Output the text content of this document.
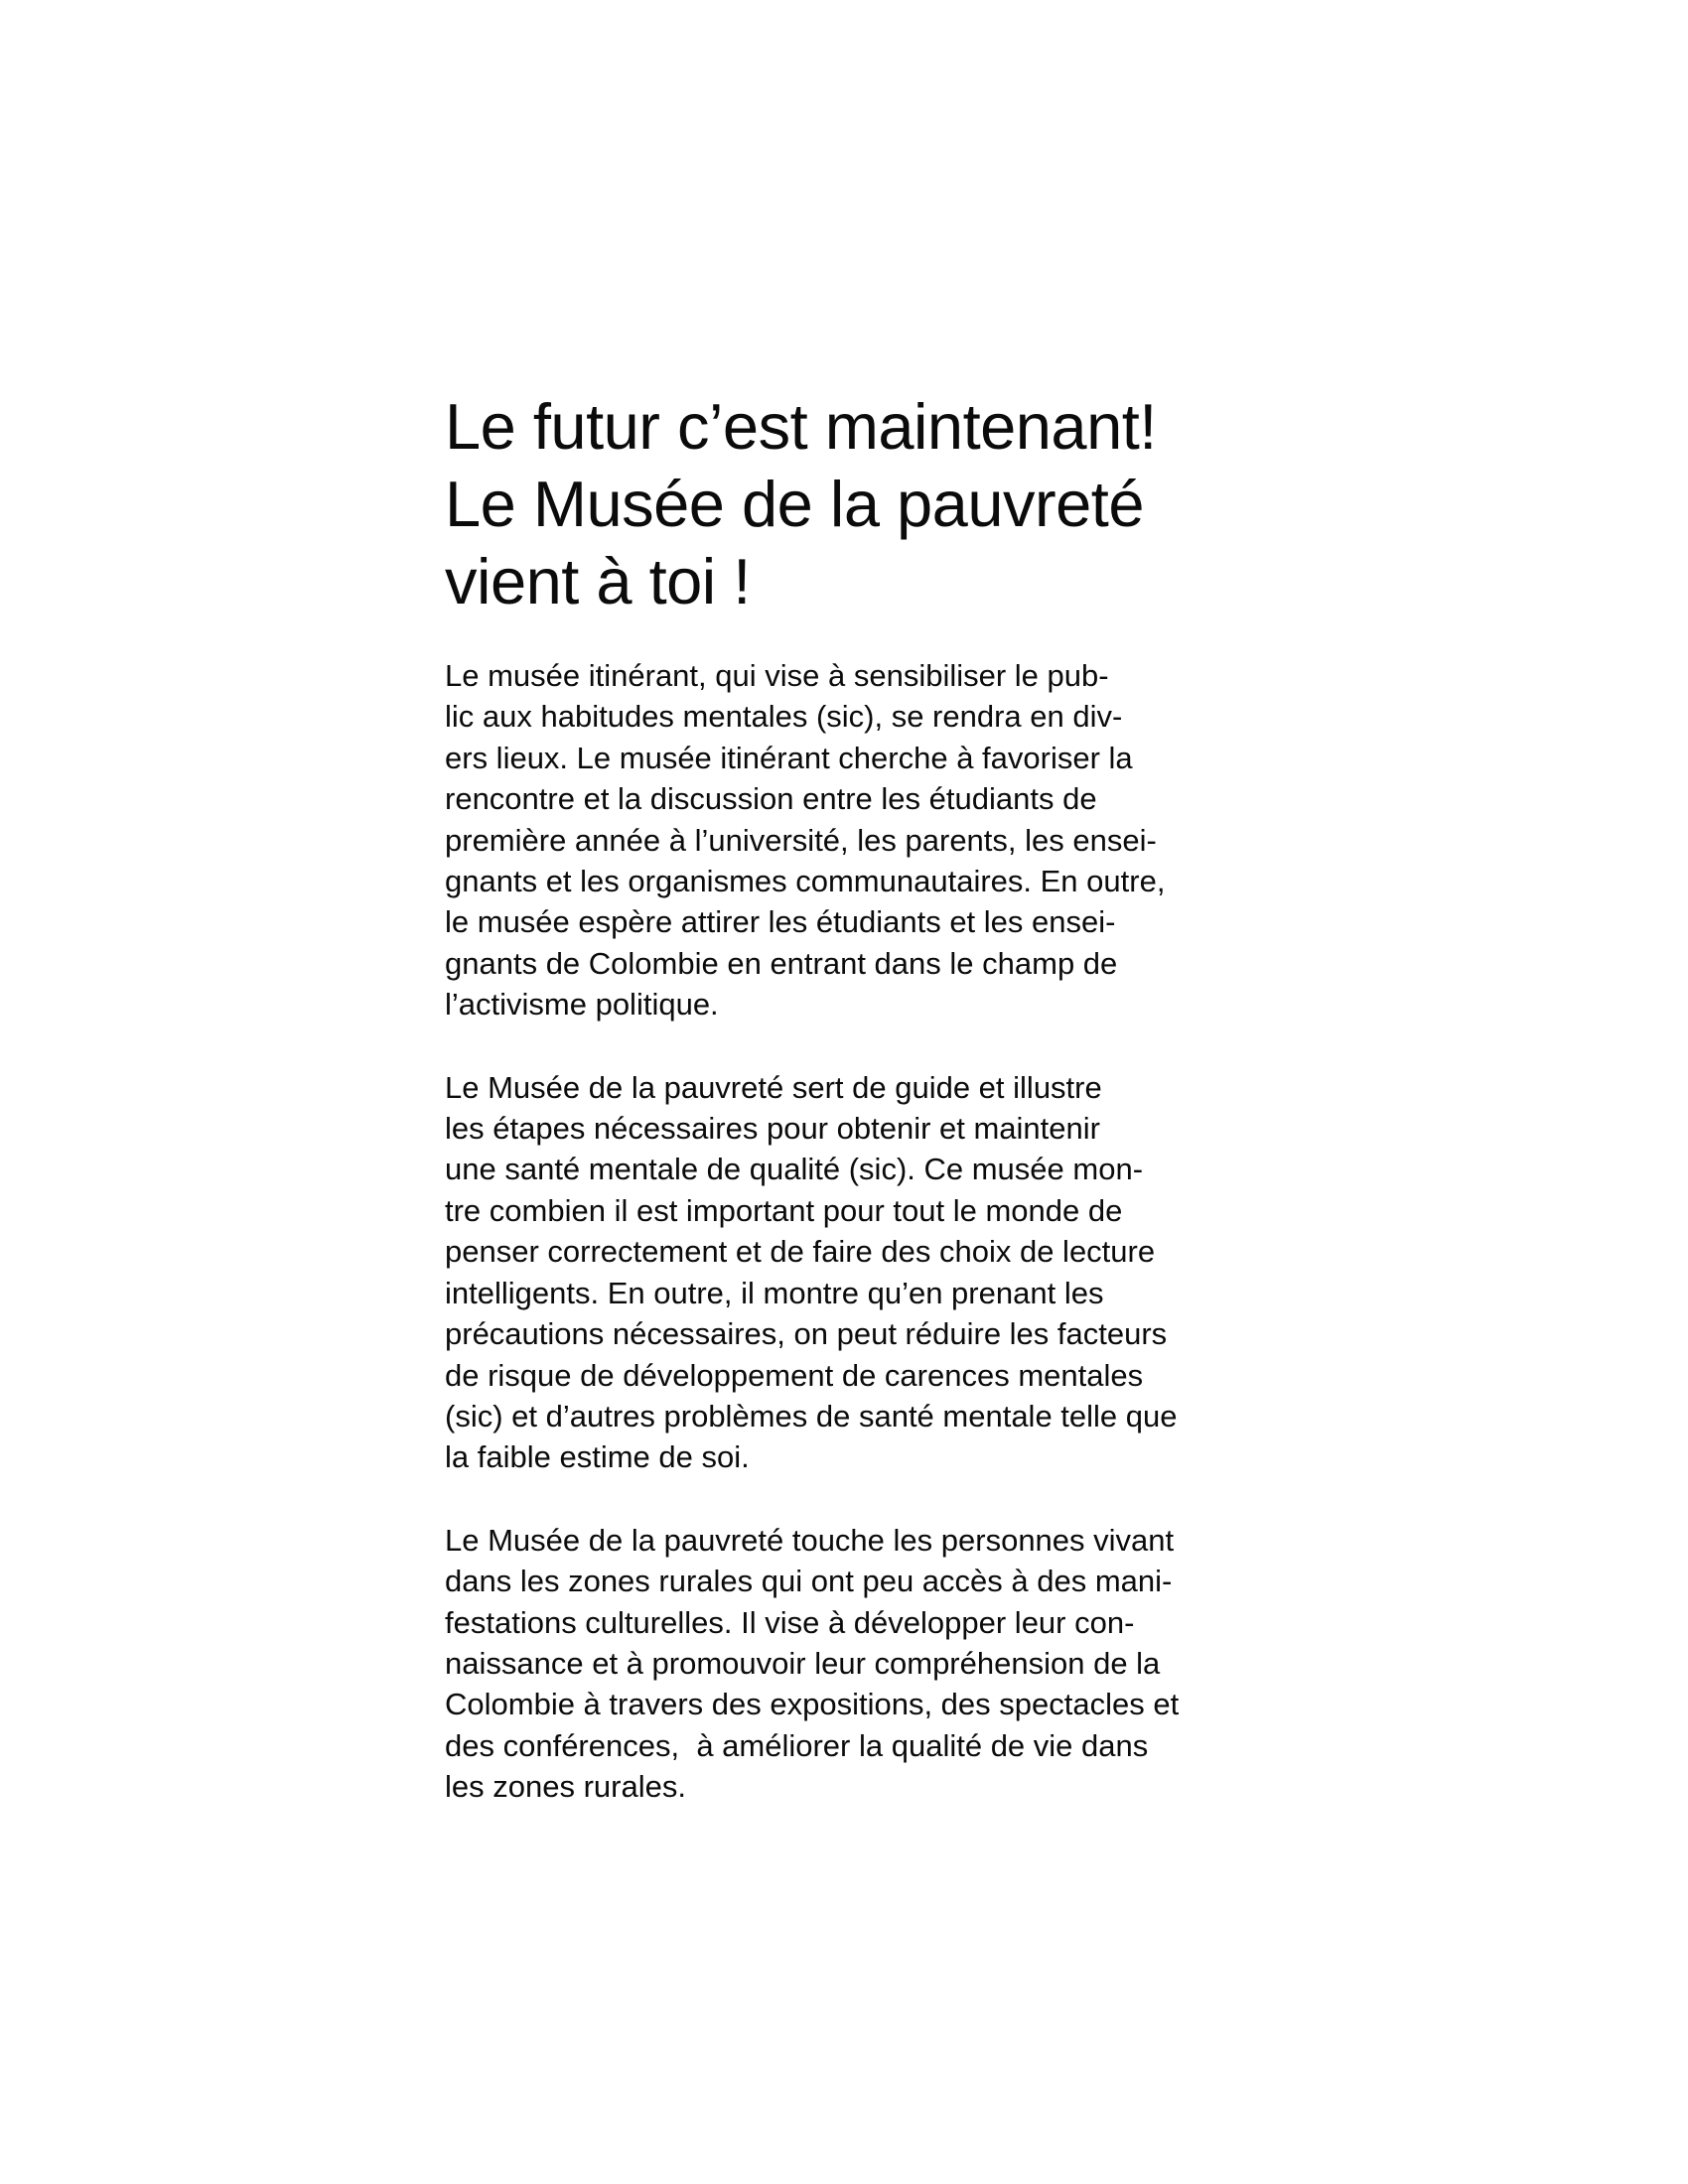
Le futur c’est maintenant!
Le Musée de la pauvreté
vient à toi !
Le musée itinérant, qui vise à sensibiliser le pub-
lic aux habitudes mentales (sic), se rendra en div-
ers lieux. Le musée itinérant cherche à favoriser la
rencontre et la discussion entre les étudiants de
première année à l’université, les parents, les ensei-
gnants et les organismes communautaires. En outre,
le musée espère attirer les étudiants et les ensei-
gnants de Colombie en entrant dans le champ de
l’activisme politique.
Le Musée de la pauvreté sert de guide et illustre
les étapes nécessaires pour obtenir et maintenir
une santé mentale de qualité (sic). Ce musée mon-
tre combien il est important pour tout le monde de
penser correctement et de faire des choix de lecture
intelligents. En outre, il montre qu’en prenant les
précautions nécessaires, on peut réduire les facteurs
de risque de développement de carences mentales
(sic) et d’autres problèmes de santé mentale telle que
la faible estime de soi.
Le Musée de la pauvreté touche les personnes vivant
dans les zones rurales qui ont peu accès à des mani-
festations culturelles. Il vise à développer leur con-
naissance et à promouvoir leur compréhension de la
Colombie à travers des expositions, des spectacles et
des conférences,  à améliorer la qualité de vie dans
les zones rurales.
